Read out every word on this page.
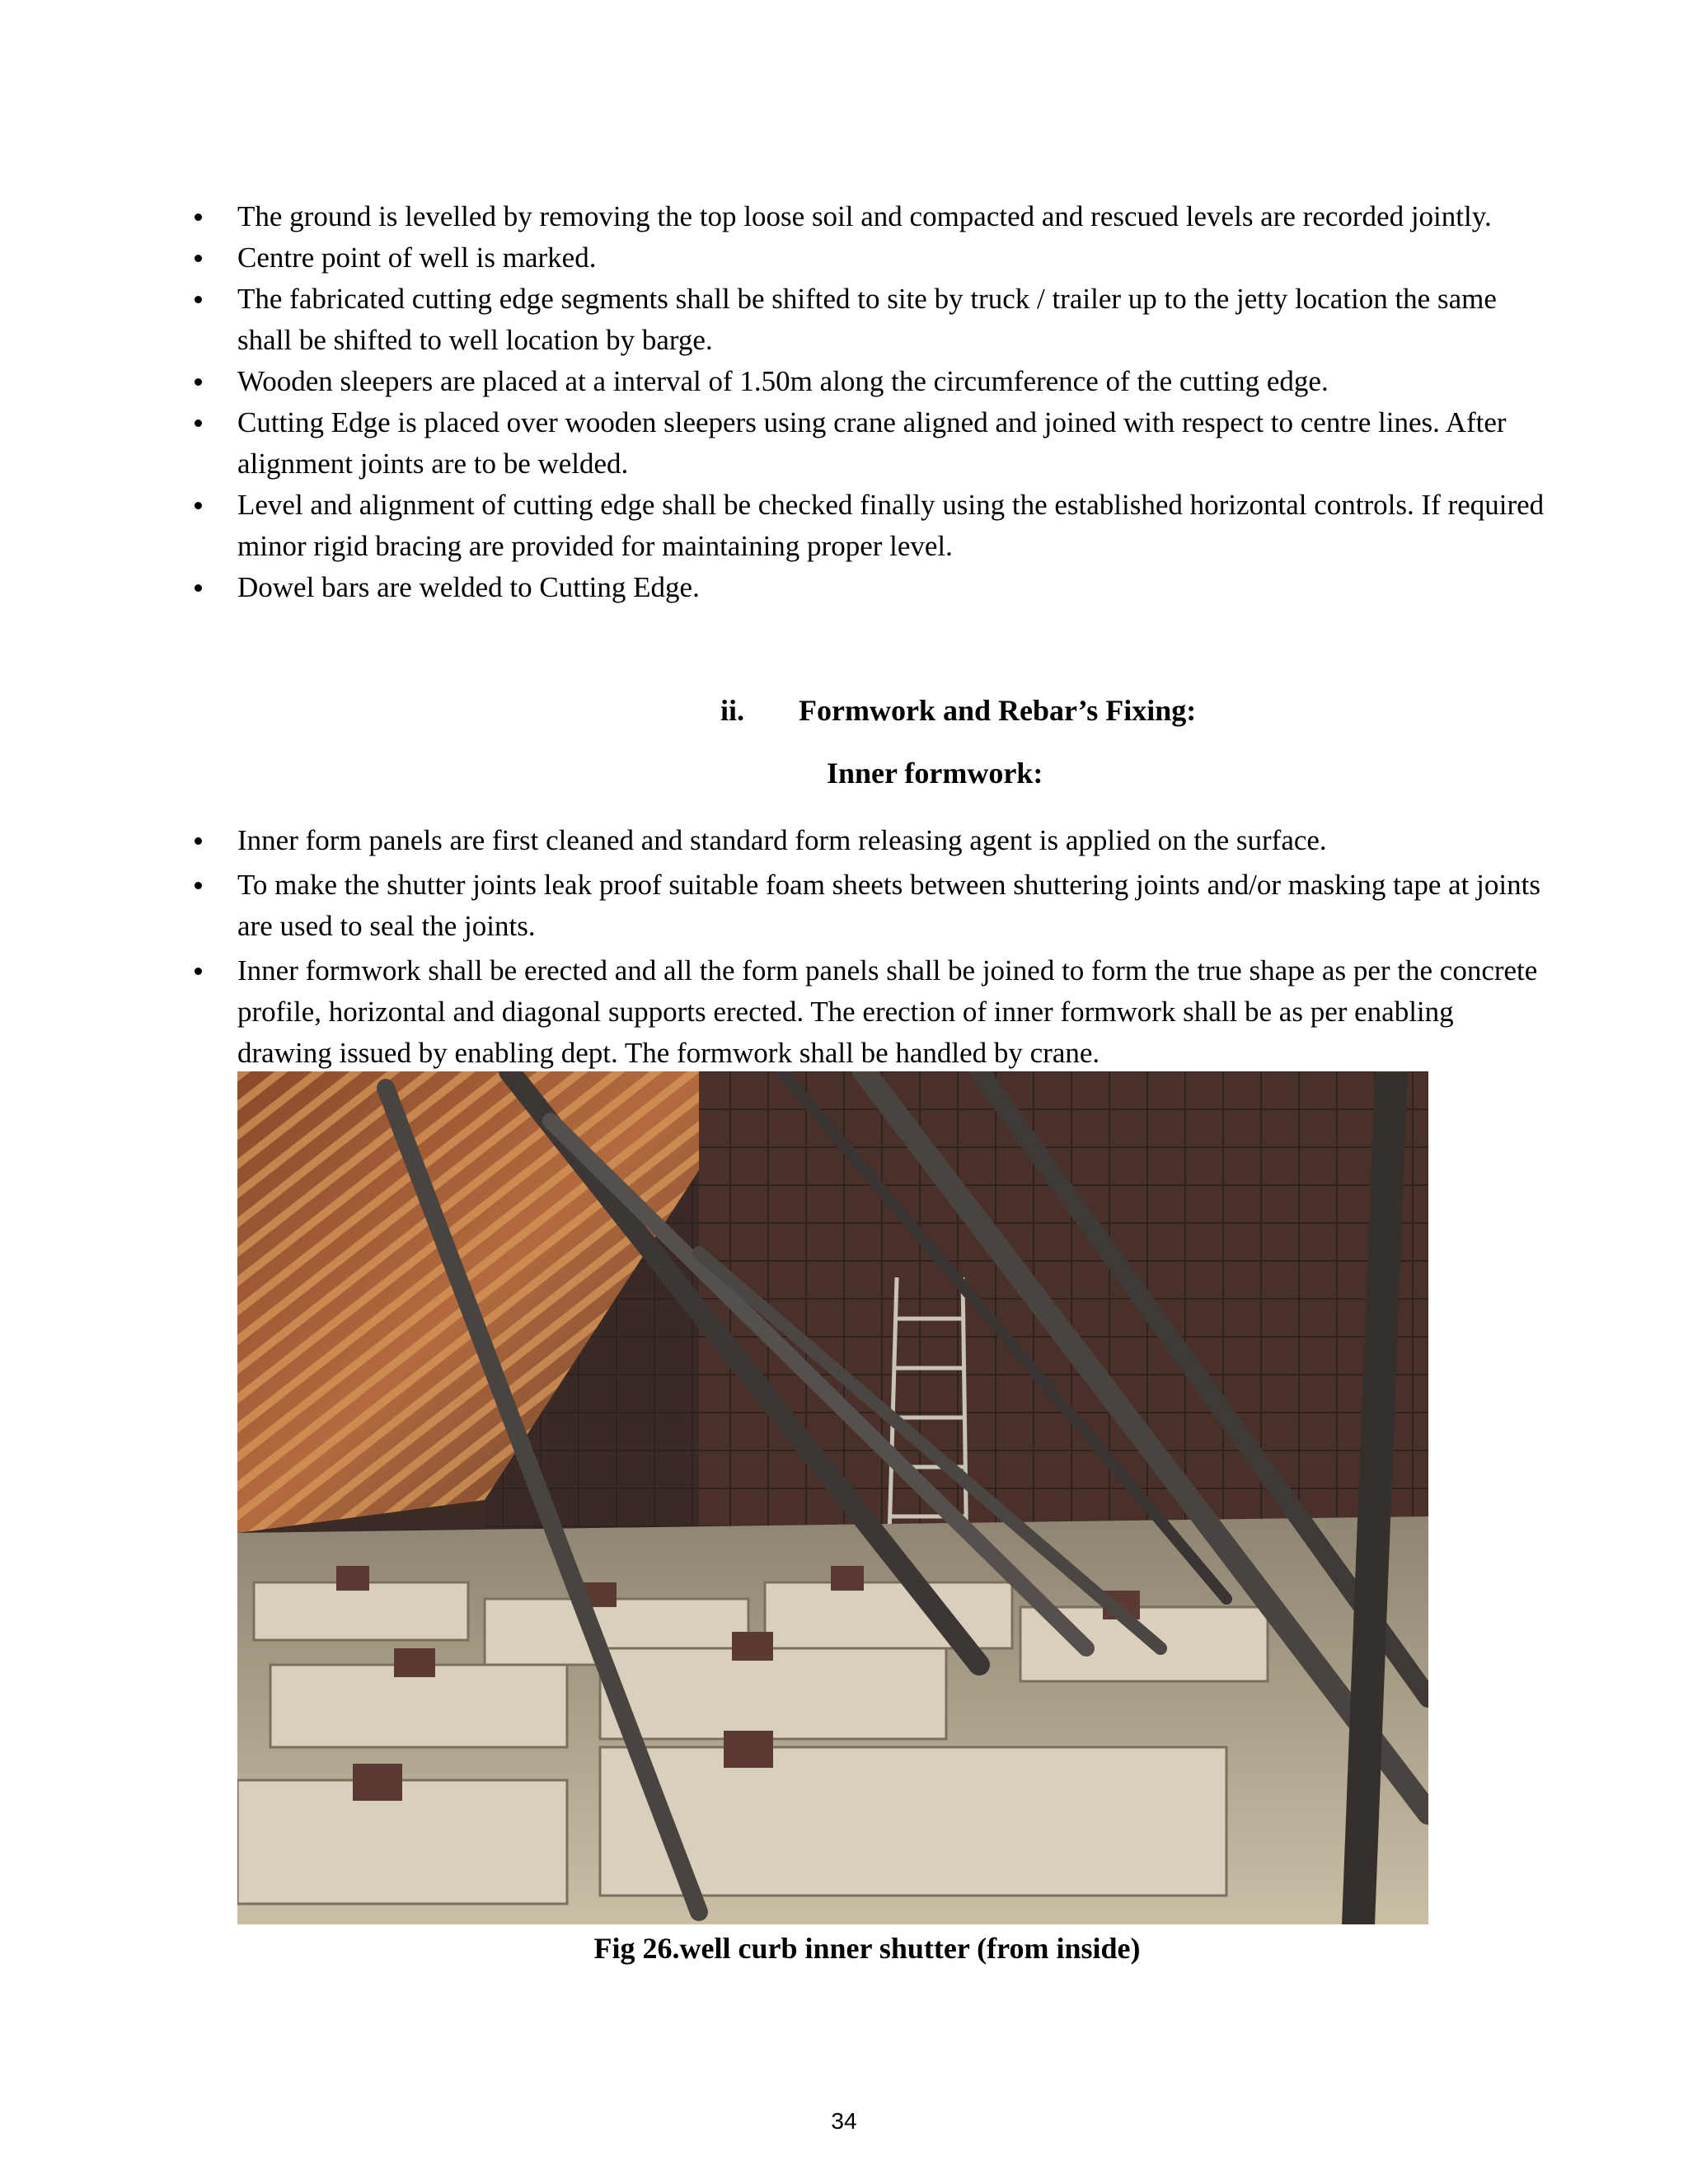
The ground is levelled by removing the top loose soil and compacted and rescued levels are recorded jointly.
Centre point of well is marked.
The fabricated cutting edge segments shall be shifted to site by truck / trailer up to the jetty location the same shall be shifted to well location by barge.
Wooden sleepers are placed at a interval of 1.50m along the circumference of the cutting edge.
Cutting Edge is placed over wooden sleepers using crane aligned and joined with respect to centre lines. After alignment joints are to be welded.
Level and alignment of cutting edge shall be checked finally using the established horizontal controls. If required minor rigid bracing are provided for maintaining proper level.
Dowel bars are welded to Cutting Edge.
ii. Formwork and Rebar’s Fixing:
Inner formwork:
Inner form panels are first cleaned and standard form releasing agent is applied on the surface.
To make the shutter joints leak proof suitable foam sheets between shuttering joints and/or masking tape at joints are used to seal the joints.
Inner formwork shall be erected and all the form panels shall be joined to form the true shape as per the concrete profile, horizontal and diagonal supports erected. The erection of inner formwork shall be as per enabling drawing issued by enabling dept. The formwork shall be handled by crane.
Fig 26.well curb inner shutter (from inside)
34
